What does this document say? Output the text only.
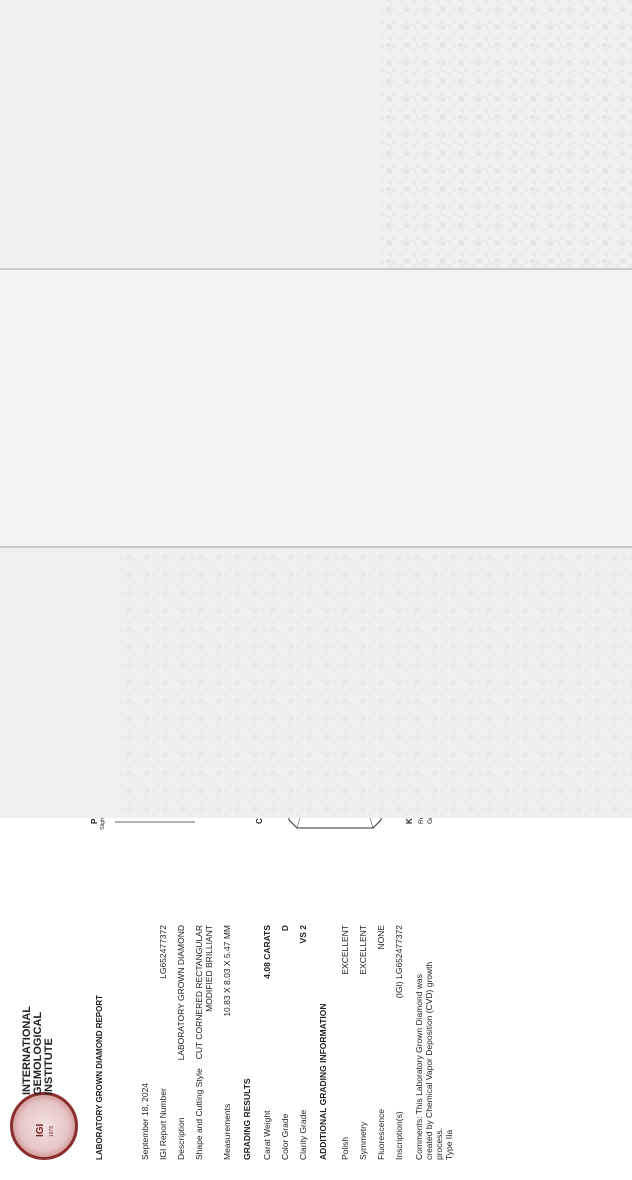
IGI 1975
INTERNATIONAL GEMOLOGICAL INSTITUTE	LABORATORY GROWN DIAMOND REPORT	September 18, 2024 IGI Report Number
LG652477372
Description
LABORATORY GROWN DIAMOND
Shape and Cutting Style
CUT CORNERED RECTANGULAR
MODIFIED BRILLIANT
Measurements
10.83 X 8.03 X 5.47 MM
GRADING RESULTS Carat Weight
4.08 CARATS
Color Grade
D
Clarity Grade
VS 2
ADDITIONAL GRADING INFORMATION Polish
EXCELLENT
Symmetry
EXCELLENT
Fluorescence
NONE
Inscription(s)
(IGI) LG652477372
Comments: This Laboratory Grown Diamond was created by Chemical Vapor Deposition (CVD) growth process. Type IIa
